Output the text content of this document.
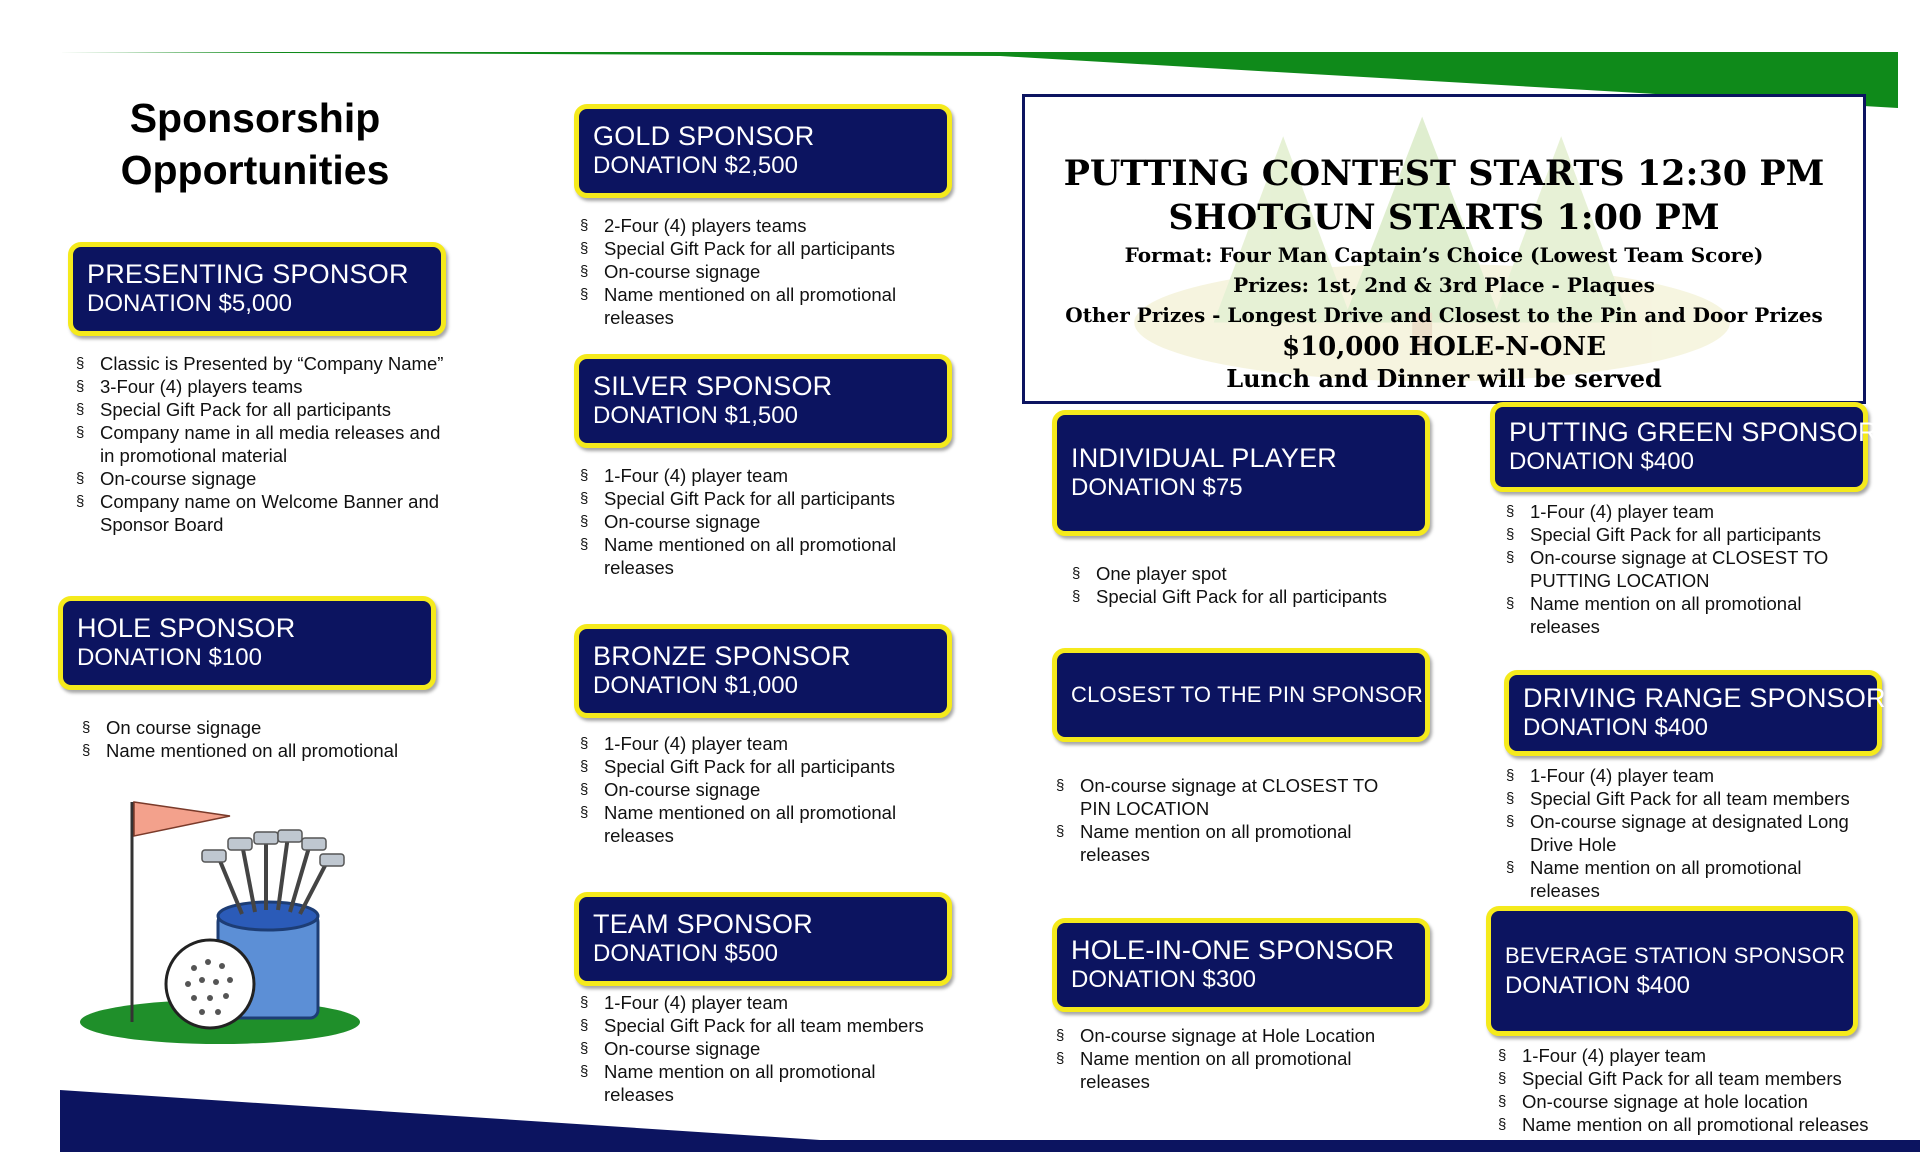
Sponsorship
Opportunities
PRESENTING SPONSOR
DONATION $5,000
§ Classic is Presented by “Company Name”
§ 3-Four (4) players teams
§ Special Gift Pack for all participants
§ Company name in all media releases and in promotional material
§ On-course signage
§ Company name on Welcome Banner and Sponsor Board
HOLE SPONSOR
DONATION $100
§ On course signage
§ Name mentioned on all promotional
GOLD SPONSOR
DONATION $2,500
§ 2-Four (4) players teams
§ Special Gift Pack for all participants
§ On-course signage
§ Name mentioned on all promotional releases
SILVER SPONSOR
DONATION $1,500
§ 1-Four (4) player team
§ Special Gift Pack for all participants
§ On-course signage
§ Name mentioned on all promotional releases
BRONZE SPONSOR
DONATION $1,000
§ 1-Four (4) player team
§ Special Gift Pack for all participants
§ On-course signage
§ Name mentioned on all promotional releases
TEAM SPONSOR
DONATION $500
§ 1-Four (4) player team
§ Special Gift Pack for all team members
§ On-course signage
§ Name mention on all promotional releases
PUTTING CONTEST STARTS 12:30 PM
SHOTGUN STARTS 1:00 PM
Format: Four Man Captain’s Choice (Lowest Team Score)
Prizes: 1st, 2nd & 3rd Place - Plaques
Other Prizes - Longest Drive and Closest to the Pin and Door Prizes
$10,000 HOLE-N-ONE
Lunch and Dinner will be served
INDIVIDUAL PLAYER
DONATION $75
§ One player spot
§ Special Gift Pack for all participants
CLOSEST TO THE PIN SPONSOR
§ On-course signage at CLOSEST TO PIN LOCATION
§ Name mention on all promotional releases
HOLE-IN-ONE SPONSOR
DONATION $300
§ On-course signage at Hole Location
§ Name mention on all promotional releases
PUTTING GREEN SPONSOR
DONATION $400
§ 1-Four (4) player team
§ Special Gift Pack for all participants
§ On-course signage at CLOSEST TO PUTTING LOCATION
§ Name mention on all promotional releases
DRIVING RANGE SPONSOR
DONATION $400
§ 1-Four (4) player team
§ Special Gift Pack for all team members
§ On-course signage at designated Long Drive Hole
§ Name mention on all promotional releases
BEVERAGE STATION SPONSOR
DONATION $400
§ 1-Four (4) player team
§ Special Gift Pack for all team members
§ On-course signage at hole location
§ Name mention on all promotional releases
